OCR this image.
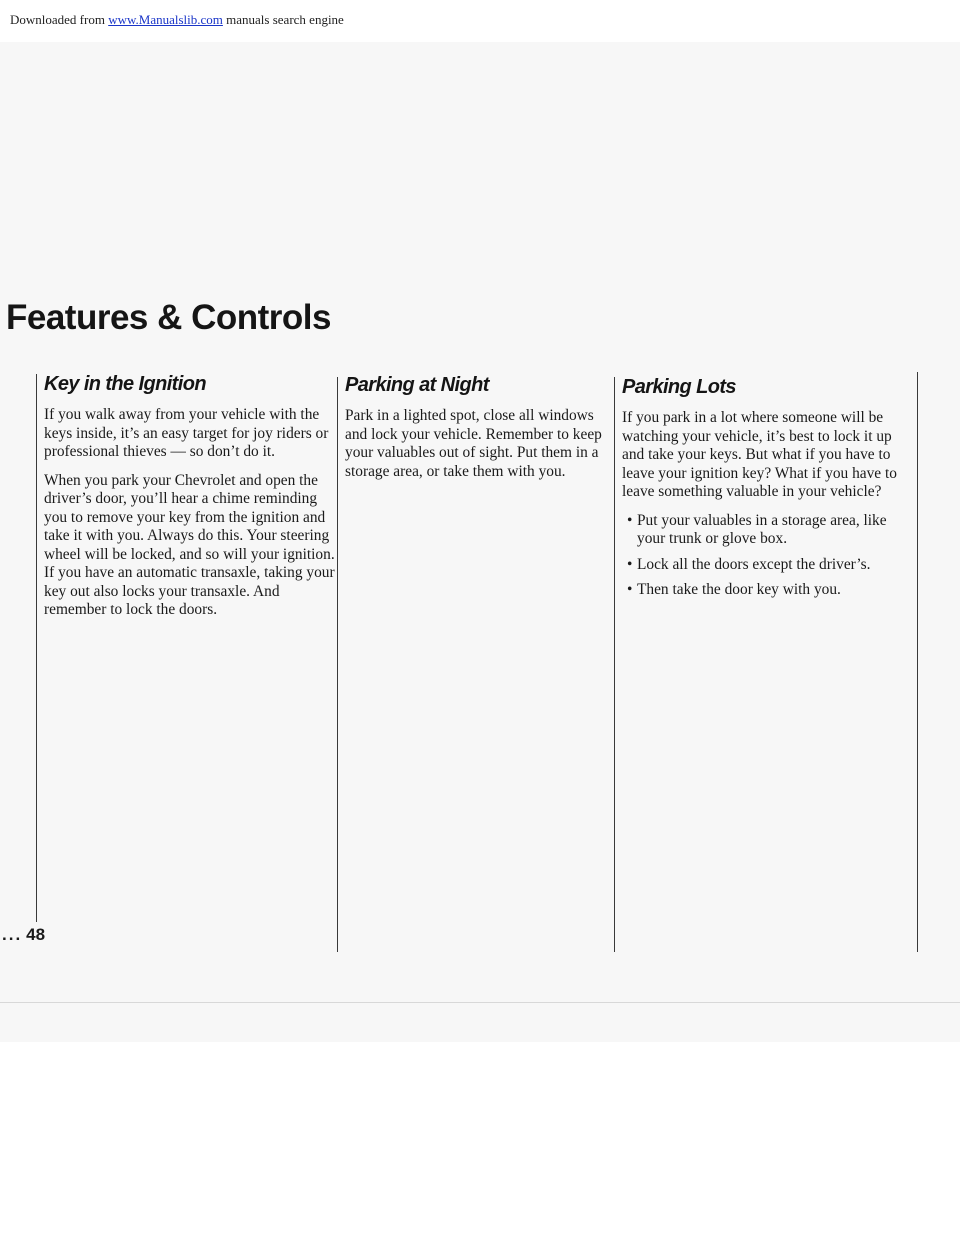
Downloaded from www.Manualslib.com manuals search engine
Features & Controls
Key in the Ignition

If you walk away from your vehicle with the keys inside, it’s an easy target for joy riders or professional thieves — so don’t do it.

When you park your Chevrolet and open the driver’s door, you’ll hear a chime reminding you to remove your key from the ignition and take it with you. Always do this. Your steering wheel will be locked, and so will your ignition. If you have an automatic transaxle, taking your key out also locks your transaxle. And remember to lock the doors.

Parking at Night

Park in a lighted spot, close all windows and lock your vehicle. Remember to keep your valuables out of sight. Put them in a storage area, or take them with you.

Parking Lots

If you park in a lot where someone will be watching your vehicle, it’s best to lock it up and take your keys. But what if you have to leave your ignition key? What if you have to leave something valuable in your vehicle?

• Put your valuables in a storage area, like your trunk or glove box.
• Lock all the doors except the driver’s.
• Then take the door key with you.
... 48
carmanualsonline.info
